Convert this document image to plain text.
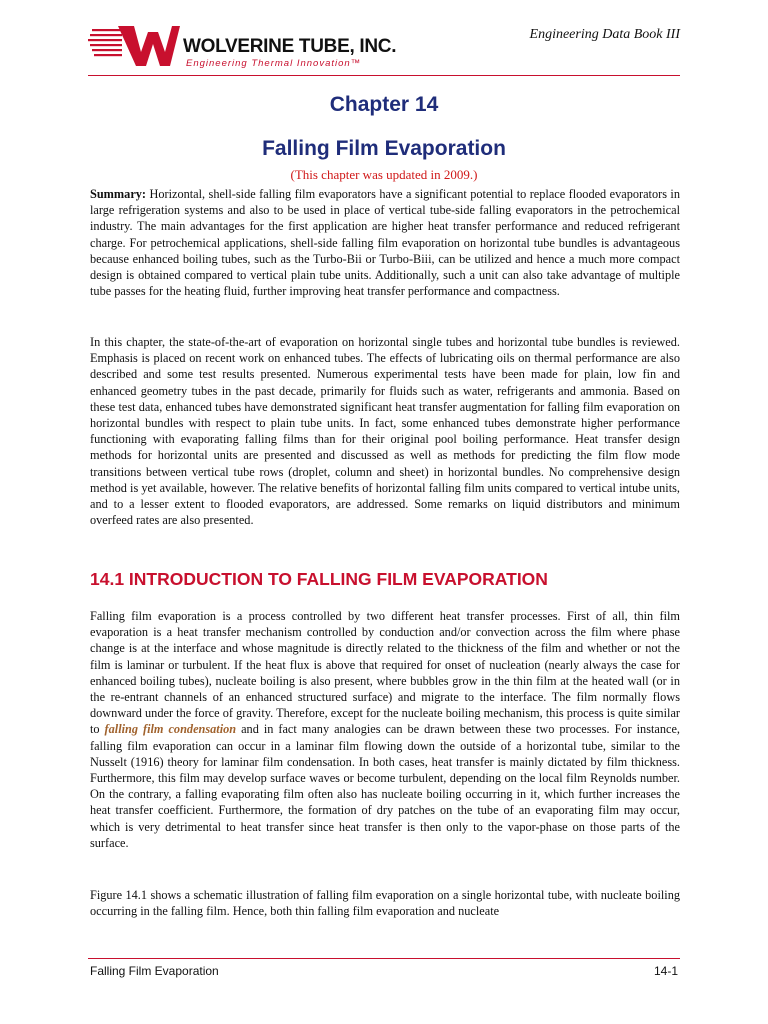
WOLVERINE TUBE, INC.
Engineering Thermal Innovation™
Engineering Data Book III
Chapter 14
Falling Film Evaporation
(This chapter was updated in 2009.)

Summary: Horizontal, shell-side falling film evaporators have a significant potential to replace flooded evaporators in large refrigeration systems and also to be used in place of vertical tube-side falling evaporators in the petrochemical industry. The main advantages for the first application are higher heat transfer performance and reduced refrigerant charge. For petrochemical applications, shell-side falling film evaporation on horizontal tube bundles is advantageous because enhanced boiling tubes, such as the Turbo-Bii or Turbo-Biii, can be utilized and hence a much more compact design is obtained compared to vertical plain tube units. Additionally, such a unit can also take advantage of multiple tube passes for the heating fluid, further improving heat transfer performance and compactness.

In this chapter, the state-of-the-art of evaporation on horizontal single tubes and horizontal tube bundles is reviewed. Emphasis is placed on recent work on enhanced tubes. The effects of lubricating oils on thermal performance are also described and some test results presented. Numerous experimental tests have been made for plain, low fin and enhanced geometry tubes in the past decade, primarily for fluids such as water, refrigerants and ammonia. Based on these test data, enhanced tubes have demonstrated significant heat transfer augmentation for falling film evaporation on horizontal bundles with respect to plain tube units. In fact, some enhanced tubes demonstrate higher performance functioning with evaporating falling films than for their original pool boiling performance. Heat transfer design methods for horizontal units are presented and discussed as well as methods for predicting the film flow mode transitions between vertical tube rows (droplet, column and sheet) in horizontal bundles. No comprehensive design method is yet available, however. The relative benefits of horizontal falling film units compared to vertical intube units, and to a lesser extent to flooded evaporators, are addressed. Some remarks on liquid distributors and minimum overfeed rates are also presented.

14.1 INTRODUCTION TO FALLING FILM EVAPORATION

Falling film evaporation is a process controlled by two different heat transfer processes. First of all, thin film evaporation is a heat transfer mechanism controlled by conduction and/or convection across the film where phase change is at the interface and whose magnitude is directly related to the thickness of the film and whether or not the film is laminar or turbulent. If the heat flux is above that required for onset of nucleation (nearly always the case for enhanced boiling tubes), nucleate boiling is also present, where bubbles grow in the thin film at the heated wall (or in the re-entrant channels of an enhanced structured surface) and migrate to the interface. The film normally flows downward under the force of gravity. Therefore, except for the nucleate boiling mechanism, this process is quite similar to falling film condensation and in fact many analogies can be drawn between these two processes. For instance, falling film evaporation can occur in a laminar film flowing down the outside of a horizontal tube, similar to the Nusselt (1916) theory for laminar film condensation. In both cases, heat transfer is mainly dictated by film thickness. Furthermore, this film may develop surface waves or become turbulent, depending on the local film Reynolds number. On the contrary, a falling evaporating film often also has nucleate boiling occurring in it, which further increases the heat transfer coefficient. Furthermore, the formation of dry patches on the tube of an evaporating film may occur, which is very detrimental to heat transfer since heat transfer is then only to the vapor-phase on those parts of the surface.

Figure 14.1 shows a schematic illustration of falling film evaporation on a single horizontal tube, with nucleate boiling occurring in the falling film. Hence, both thin falling film evaporation and nucleate

Falling Film Evaporation	14-1
